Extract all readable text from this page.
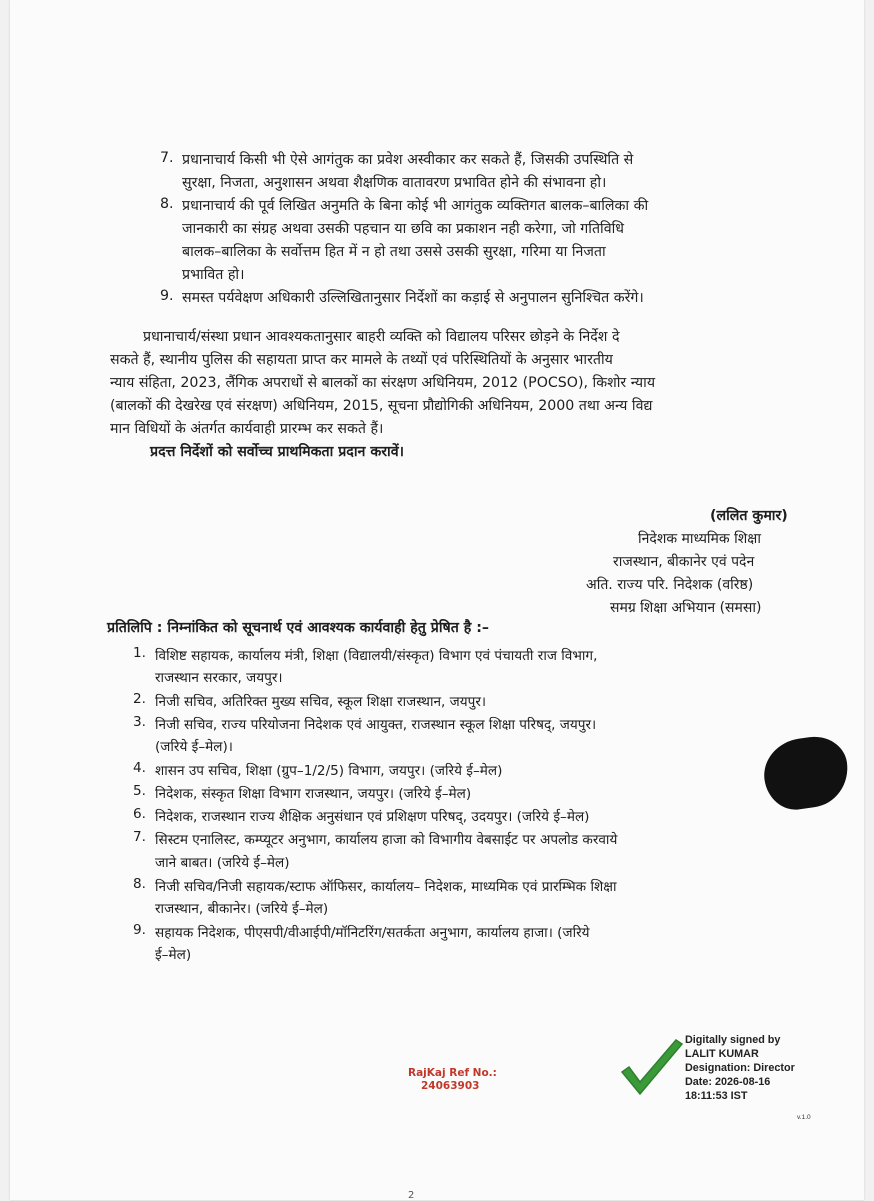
7. प्रधानाचार्य किसी भी ऐसे आगंतुक का प्रवेश अस्वीकार कर सकते हैं, जिसकी उपस्थिति से
सुरक्षा, निजता, अनुशासन अथवा शैक्षणिक वातावरण प्रभावित होने की संभावना हो।
8. प्रधानाचार्य की पूर्व लिखित अनुमति के बिना कोई भी आगंतुक व्यक्तिगत बालक–बालिका की
जानकारी का संग्रह अथवा उसकी पहचान या छवि का प्रकाशन नही करेगा, जो गतिविधि
बालक–बालिका के सर्वोत्तम हित में न हो तथा उससे उसकी सुरक्षा, गरिमा या निजता
प्रभावित हो।
9. समस्त पर्यवेक्षण अधिकारी उल्लिखितानुसार निर्देशों का कड़ाई से अनुपालन सुनिश्चित करेंगे।
प्रधानाचार्य/संस्था प्रधान आवश्यकतानुसार बाहरी व्यक्ति को विद्यालय परिसर छोड़ने के निर्देश दे
सकते हैं, स्थानीय पुलिस की सहायता प्राप्त कर मामले के तथ्यों एवं परिस्थितियों के अनुसार भारतीय
न्याय संहिता, 2023, लैंगिक अपराधों से बालकों का संरक्षण अधिनियम, 2012 (POCSO), किशोर न्याय
(बालकों की देखरेख एवं संरक्षण) अधिनियम, 2015, सूचना प्रौद्योगिकी अधिनियम, 2000 तथा अन्य विद्य
मान विधियों के अंतर्गत कार्यवाही प्रारम्भ कर सकते हैं।
प्रदत्त निर्देशों को सर्वोच्च प्राथमिकता प्रदान करावें।
(ललित कुमार)
निदेशक माध्यमिक शिक्षा
राजस्थान, बीकानेर एवं पदेन
अति. राज्य परि. निदेशक (वरिष्ठ)
समग्र शिक्षा अभियान (समसा)
प्रतिलिपि : निम्नांकित को सूचनार्थ एवं आवश्यक कार्यवाही हेतु प्रेषित है :–
1. विशिष्ट सहायक, कार्यालय मंत्री, शिक्षा (विद्यालयी/संस्कृत) विभाग एवं पंचायती राज विभाग,
राजस्थान सरकार, जयपुर।
2. निजी सचिव, अतिरिक्त मुख्य सचिव, स्कूल शिक्षा राजस्थान, जयपुर।
3. निजी सचिव, राज्य परियोजना निदेशक एवं आयुक्त, राजस्थान स्कूल शिक्षा परिषद्, जयपुर।
(जरिये ई–मेल)।
4. शासन उप सचिव, शिक्षा (ग्रुप–1/2/5) विभाग, जयपुर। (जरिये ई–मेल)
5. निदेशक, संस्कृत शिक्षा विभाग राजस्थान, जयपुर। (जरिये ई–मेल)
6. निदेशक, राजस्थान राज्य शैक्षिक अनुसंधान एवं प्रशिक्षण परिषद्, उदयपुर। (जरिये ई–मेल)
7. सिस्टम एनालिस्ट, कम्प्यूटर अनुभाग, कार्यालय हाजा को विभागीय वेबसाईट पर अपलोड करवाये
जाने बाबत। (जरिये ई–मेल)
8. निजी सचिव/निजी सहायक/स्टाफ ऑफिसर, कार्यालय– निदेशक, माध्यमिक एवं प्रारम्भिक शिक्षा
राजस्थान, बीकानेर। (जरिये ई–मेल)
9. सहायक निदेशक, पीएसपी/वीआईपी/मॉनिटरिंग/सतर्कता अनुभाग, कार्यालय हाजा। (जरिये
ई–मेल)
RajKaj Ref No.:
24063903
Digitally signed by
LALIT KUMAR
Designation: Director
Date: 2026-08-16
18:11:53 IST
v.1.0
2
